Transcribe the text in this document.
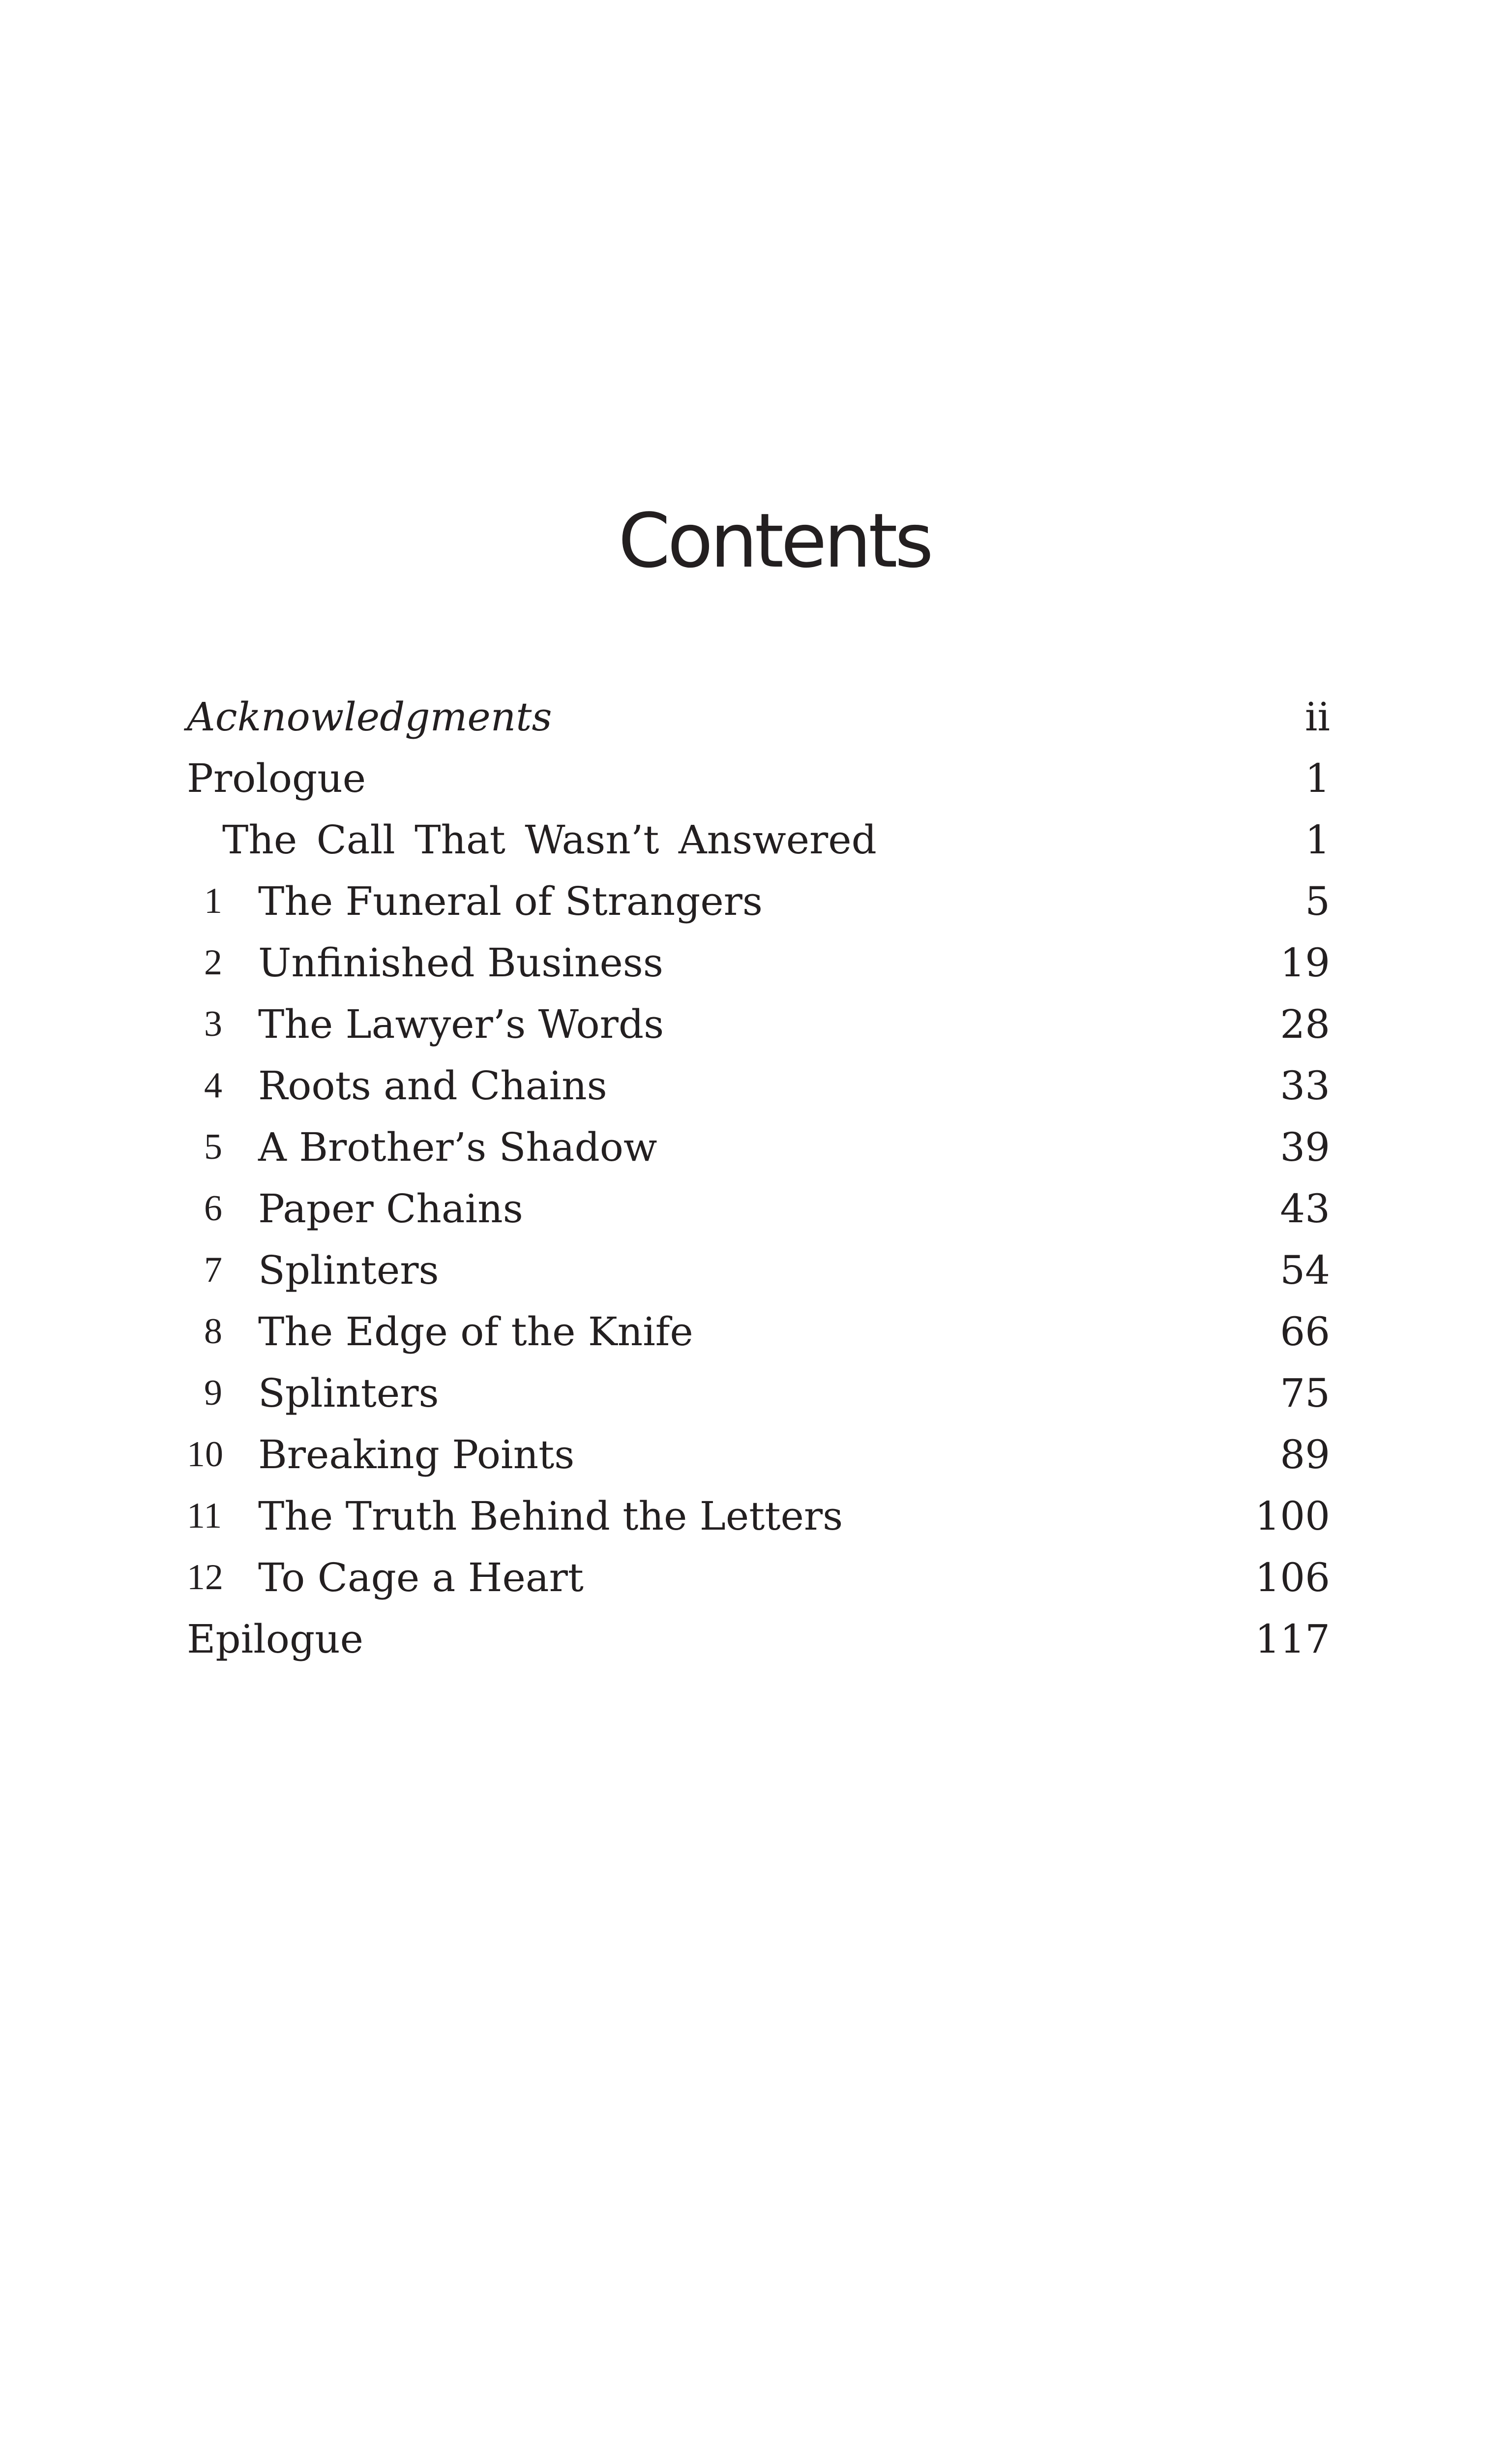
Contents
Acknowledgments	ii
Prologue	1
The Call That Wasn’t Answered	1
1 The Funeral of Strangers	5
2 Unfinished Business	19
3 The Lawyer’s Words	28
4 Roots and Chains	33
5 A Brother’s Shadow	39
6 Paper Chains	43
7 Splinters	54
8 The Edge of the Knife	66
9 Splinters	75
10 Breaking Points	89
11 The Truth Behind the Letters	100
12 To Cage a Heart	106
Epilogue	117
